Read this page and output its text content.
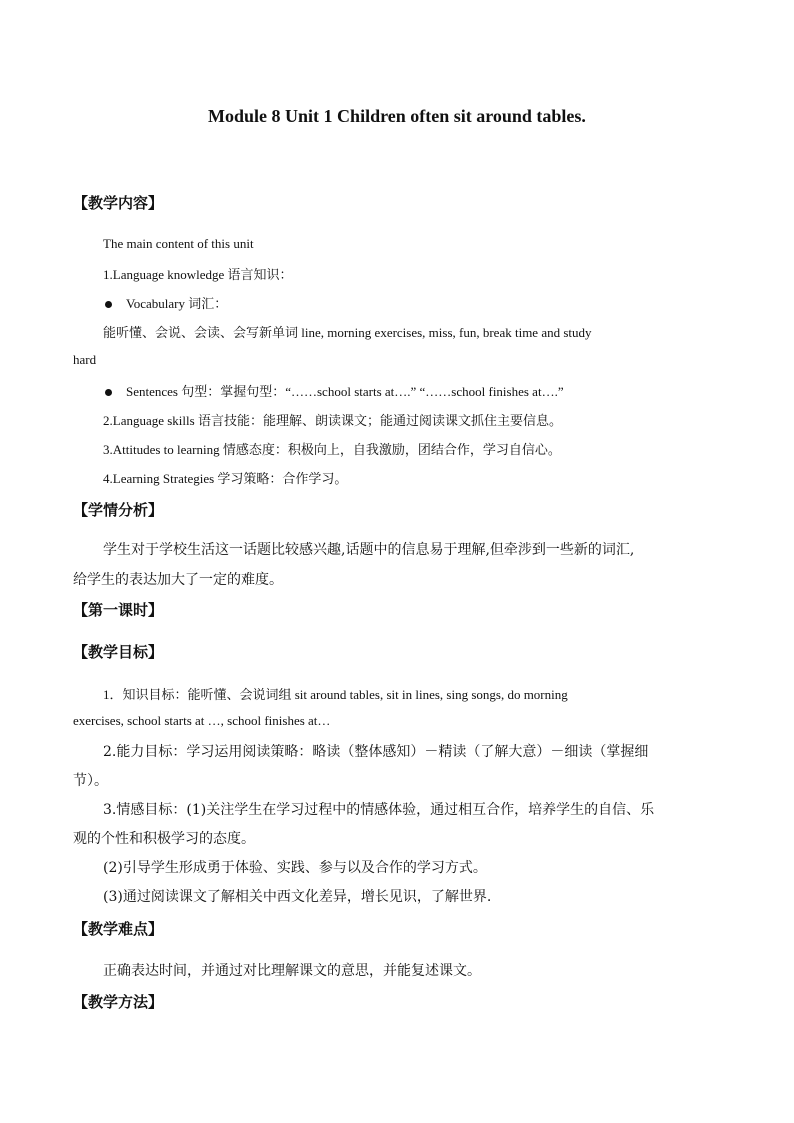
Module 8 Unit 1 Children often sit around tables.
【教学内容】
The main content of this unit
1.Language knowledge 语言知识：
Vocabulary 词汇：
能听懂、会说、会读、会写新单词 line, morning exercises, miss, fun, break time and study
hard
Sentences 句型：掌握句型：“……school starts at….” “……school finishes at….”
2.Language skills 语言技能：能理解、朗读课文；能通过阅读课文抓住主要信息。
3.Attitudes to learning 情感态度：积极向上，自我激励，团结合作，学习自信心。
4.Learning Strategies 学习策略：合作学习。
【学情分析】
学生对于学校生活这一话题比较感兴趣,话题中的信息易于理解,但牵涉到一些新的词汇,
给学生的表达加大了一定的难度。
【第一课时】
【教学目标】
1．知识目标：能听懂、会说词组 sit around tables, sit in lines, sing songs, do morning
exercises, school starts at …, school finishes at…
2.能力目标：学习运用阅读策略：略读（整体感知）－精读（了解大意）－细读（掌握细
节）。
3.情感目标：(1)关注学生在学习过程中的情感体验，通过相互合作，培养学生的自信、乐
观的个性和积极学习的态度。
(2)引导学生形成勇于体验、实践、参与以及合作的学习方式。
(3)通过阅读课文了解相关中西文化差异，增长见识，了解世界.
【教学难点】
正确表达时间，并通过对比理解课文的意思，并能复述课文。
【教学方法】
